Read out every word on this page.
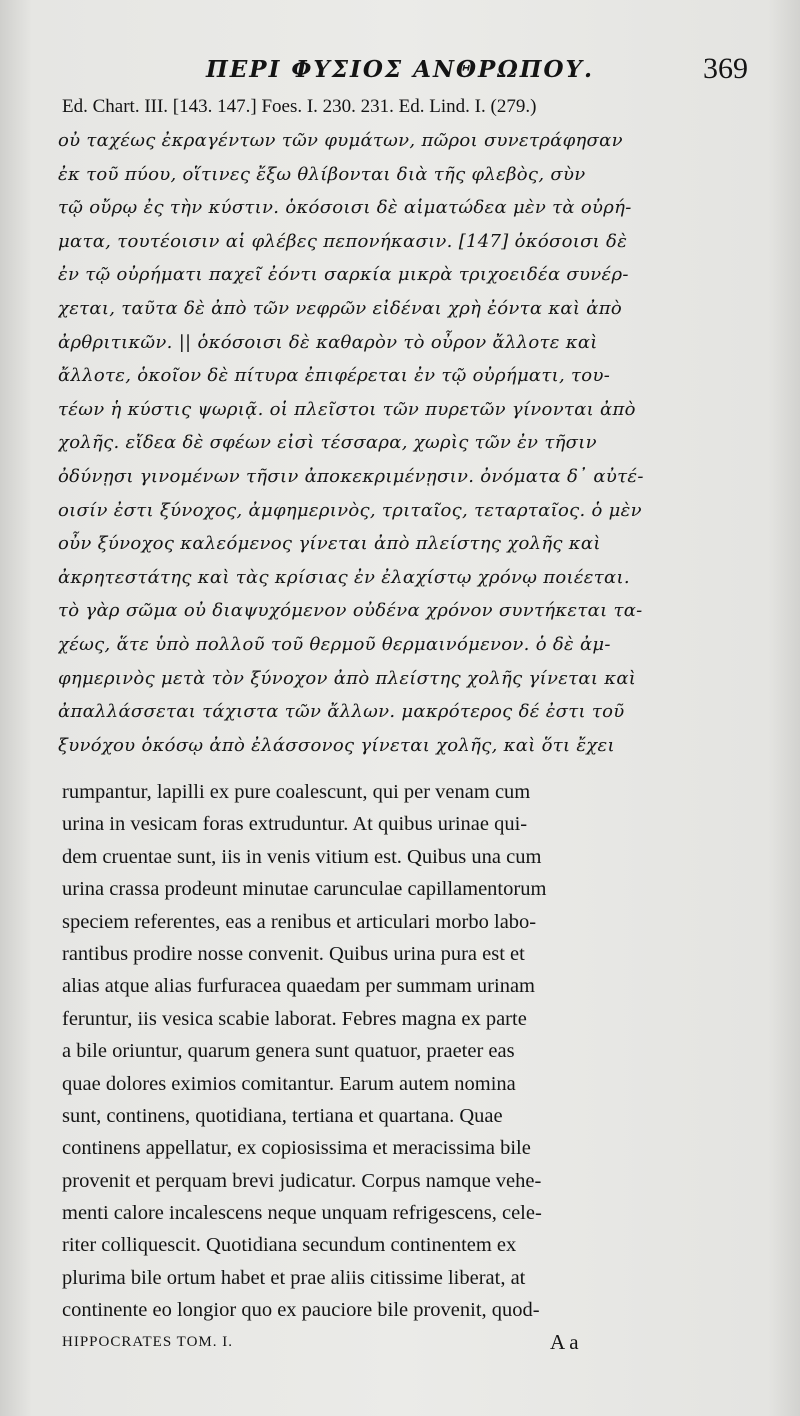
ΠΕΡΙ ΦΥΣΙΟΣ ΑΝΘΡΩΠΟΥ.	369
Ed. Chart. III. [143. 147.] Foes. I. 230. 231. Ed. Lind. I. (279.)
οὐ ταχέως ἐκραγέντων τῶν φυμάτων, πῶροι συνετράφησαν
ἐκ τοῦ πύου, οἵτινες ἔξω θλίβονται διὰ τῆς φλεβὸς, σὺν
τῷ οὔρῳ ἐς τὴν κύστιν. ὁκόσοισι δὲ αἱματώδεα μὲν τὰ οὐρή-
ματα, τουτέοισιν αἱ φλέβες πεπονήκασιν. [147] ὁκόσοισι δὲ
ἐν τῷ οὐρήματι παχεῖ ἐόντι σαρκία μικρὰ τριχοειδέα συνέρ-
χεται, ταῦτα δὲ ἀπὸ τῶν νεφρῶν εἰδέναι χρὴ ἐόντα καὶ ἀπὸ
ἀρθριτικῶν. || ὁκόσοισι δὲ καθαρὸν τὸ οὖρον ἄλλοτε καὶ
ἄλλοτε, ὁκοῖον δὲ πίτυρα ἐπιφέρεται ἐν τῷ οὐρήματι, του-
τέων ἡ κύστις ψωριᾷ. οἱ πλεῖστοι τῶν πυρετῶν γίνονται ἀπὸ
χολῆς. εἴδεα δὲ σφέων εἰσὶ τέσσαρα, χωρὶς τῶν ἐν τῆσιν
ὀδύνῃσι γινομένων τῆσιν ἀποκεκριμένῃσιν. ὀνόματα δ᾽ αὐτέ-
οισίν ἐστι ξύνοχος, ἀμφημερινὸς, τριταῖος, τεταρταῖος. ὁ μὲν
οὖν ξύνοχος καλεόμενος γίνεται ἀπὸ πλείστης χολῆς καὶ
ἀκρητεστάτης καὶ τὰς κρίσιας ἐν ἐλαχίστῳ χρόνῳ ποιέεται.
τὸ γὰρ σῶμα οὐ διαψυχόμενον οὐδένα χρόνον συντήκεται τα-
χέως, ἅτε ὑπὸ πολλοῦ τοῦ θερμοῦ θερμαινόμενον. ὁ δὲ ἀμ-
φημερινὸς μετὰ τὸν ξύνοχον ἀπὸ πλείστης χολῆς γίνεται καὶ
ἀπαλλάσσεται τάχιστα τῶν ἄλλων. μακρότερος δέ ἐστι τοῦ
ξυνόχου ὁκόσῳ ἀπὸ ἐλάσσονος γίνεται χολῆς, καὶ ὅτι ἔχει
rumpantur, lapilli ex pure coalescunt, qui per venam cum
urina in vesicam foras extruduntur. At quibus urinae qui-
dem cruentae sunt, iis in venis vitium est. Quibus una cum
urina crassa prodeunt minutae carunculae capillamentorum
speciem referentes, eas a renibus et articulari morbo labo-
rantibus prodire nosse convenit. Quibus urina pura est et
alias atque alias furfuracea quaedam per summam urinam
feruntur, iis vesica scabie laborat. Febres magna ex parte
a bile oriuntur, quarum genera sunt quatuor, praeter eas
quae dolores eximios comitantur. Earum autem nomina
sunt, continens, quotidiana, tertiana et quartana. Quae
continens appellatur, ex copiosissima et meracissima bile
provenit et perquam brevi judicatur. Corpus namque vehe-
menti calore incalescens neque unquam refrigescens, cele-
riter colliquescit. Quotidiana secundum continentem ex
plurima bile ortum habet et prae aliis citissime liberat, at
continente eo longior quo ex pauciore bile provenit, quod-
HIPPOCRATES TOM. I.	A a
